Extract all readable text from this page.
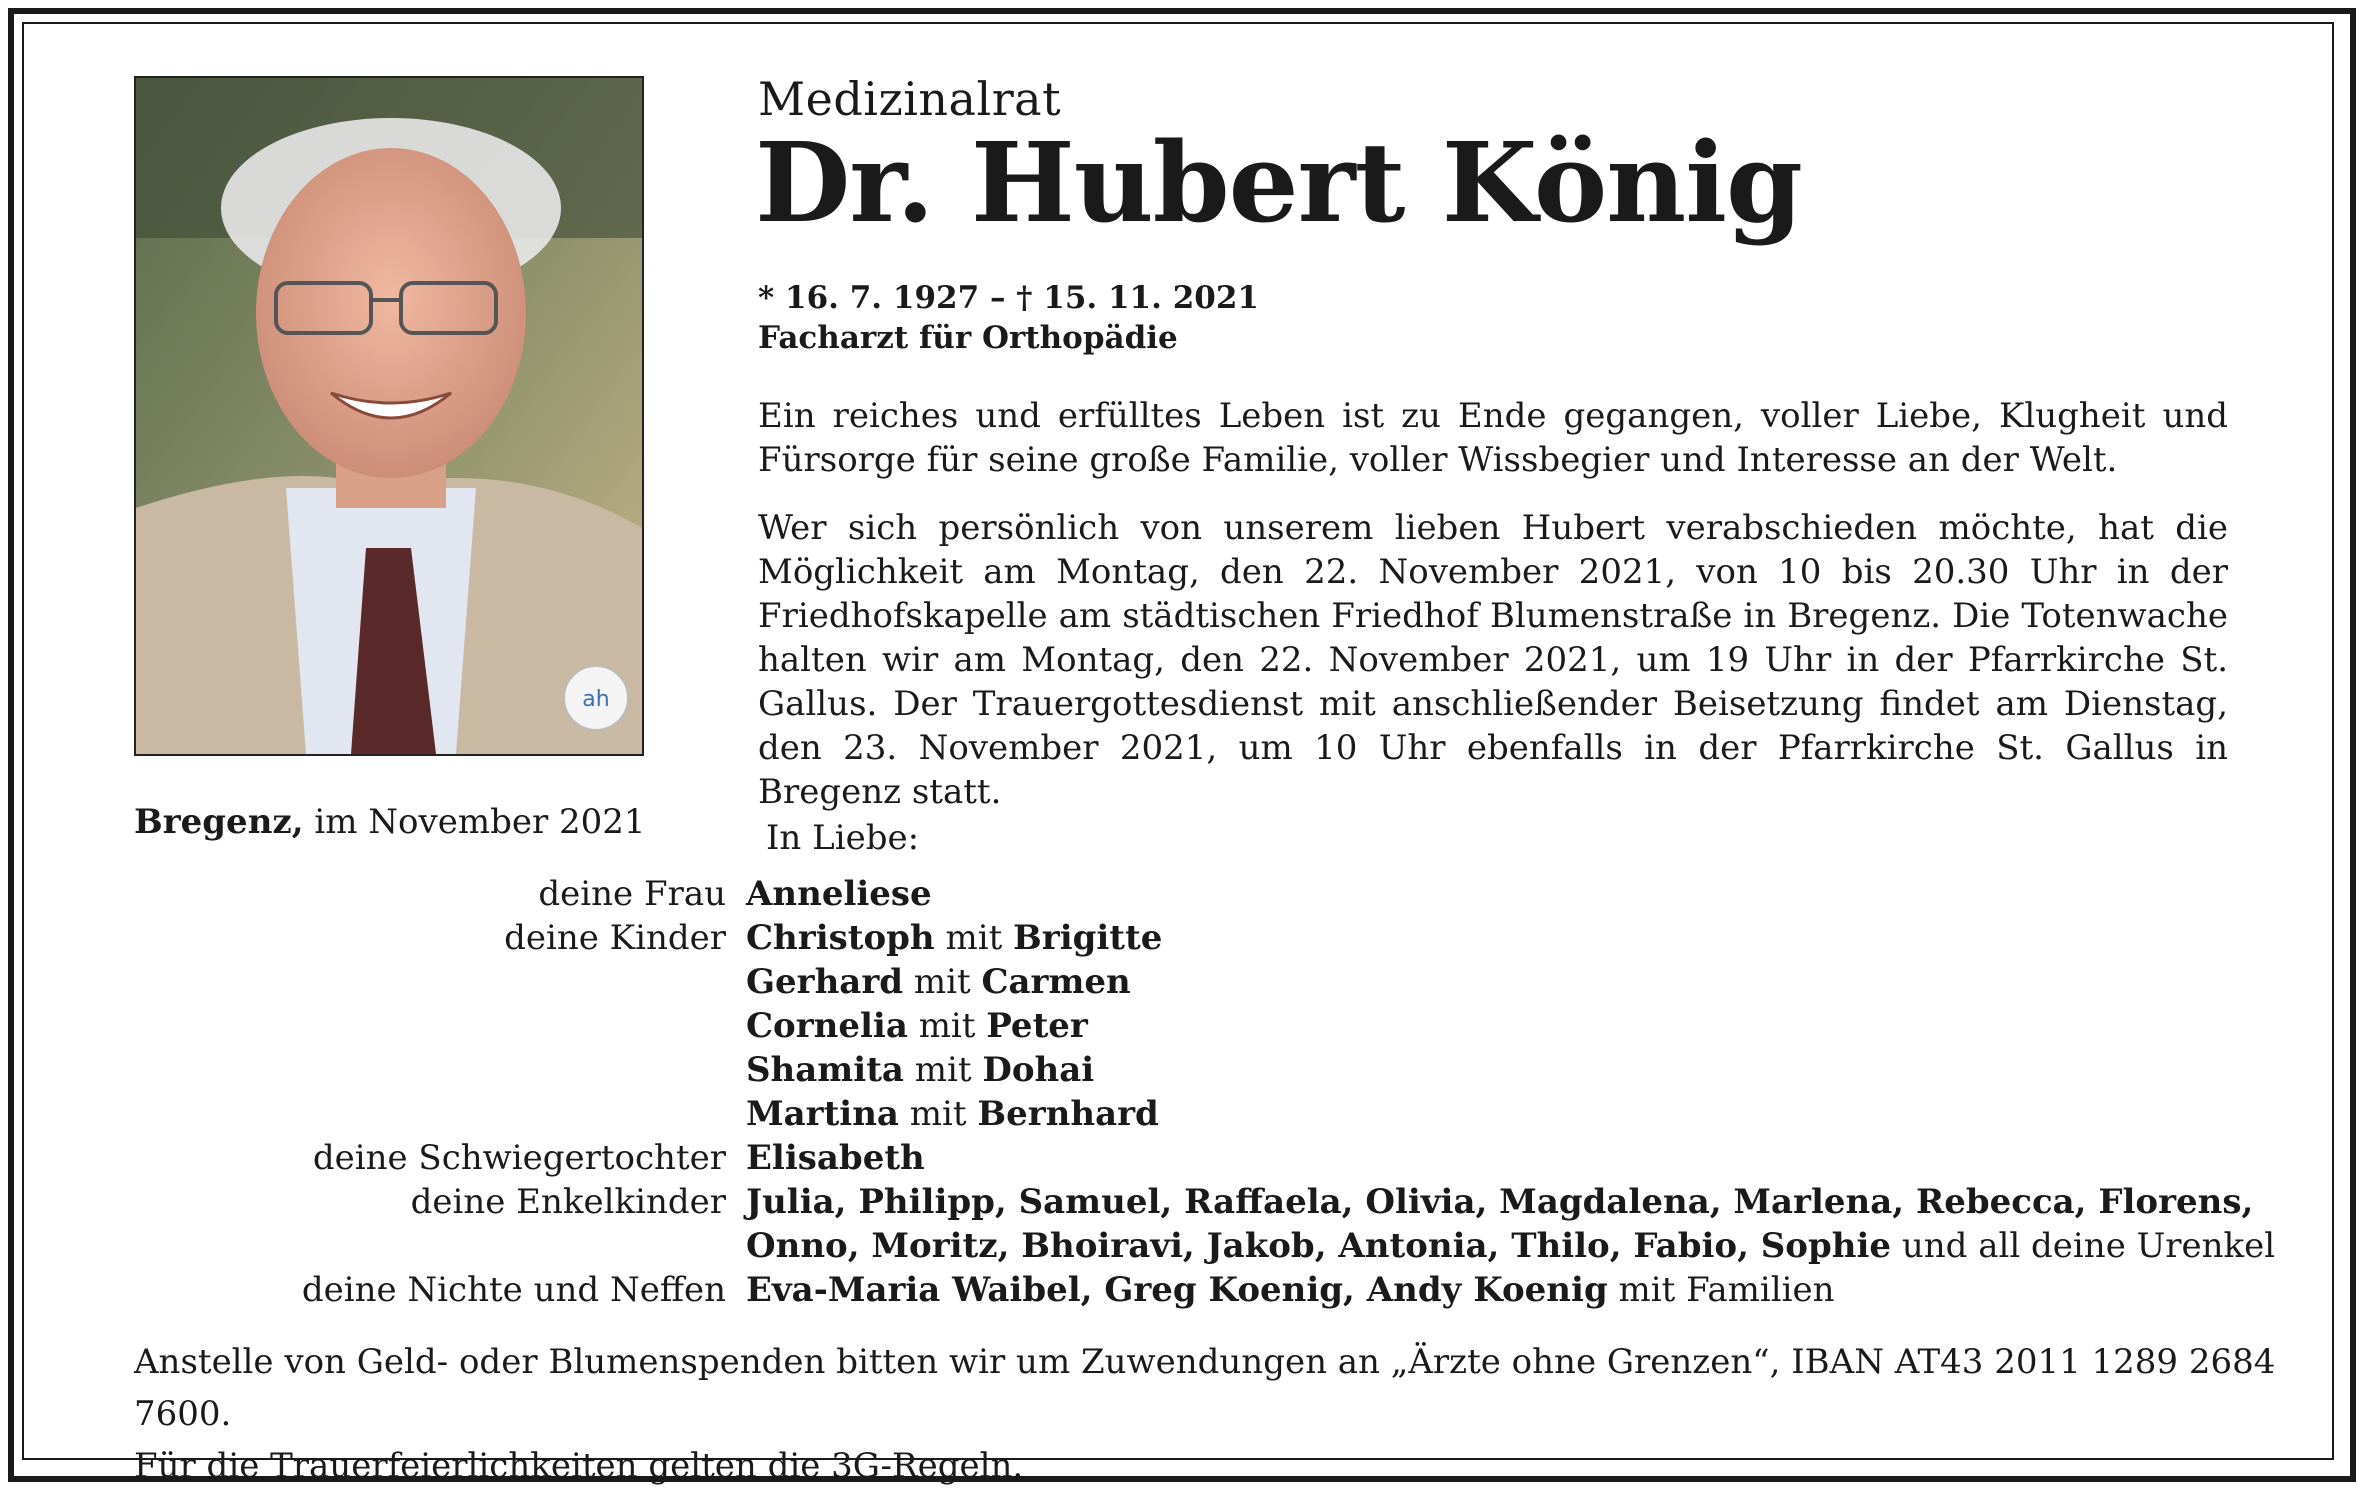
ah
Medizinalrat
Dr. Hubert König
* 16. 7. 1927 – † 15. 11. 2021
Facharzt für Orthopädie
Ein reiches und erfülltes Leben ist zu Ende gegangen, voller Liebe, Klugheit und Fürsorge für seine große Familie, voller Wissbegier und Interesse an der Welt.
Wer sich persönlich von unserem lieben Hubert verabschieden möchte, hat die Möglichkeit am Montag, den 22. November 2021, von 10 bis 20.30 Uhr in der Friedhofskapelle am städtischen Friedhof Blumenstraße in Bregenz. Die Totenwache halten wir am Montag, den 22. November 2021, um 19 Uhr in der Pfarrkirche St. Gallus. Der Trauergottesdienst mit anschließender Beisetzung findet am Dienstag, den 23. November 2021, um 10 Uhr ebenfalls in der Pfarrkirche St. Gallus in Bregenz statt.
Bregenz, im November 2021	In Liebe:
deine Frau Anneliese
deine Kinder Christoph mit Brigitte
Gerhard mit Carmen
Cornelia mit Peter
Shamita mit Dohai
Martina mit Bernhard
deine Schwiegertochter Elisabeth
deine Enkelkinder Julia, Philipp, Samuel, Raffaela, Olivia, Magdalena, Marlena, Rebecca, Florens,
Onno, Moritz, Bhoiravi, Jakob, Antonia, Thilo, Fabio, Sophie und all deine Urenkel
deine Nichte und Neffen Eva-Maria Waibel, Greg Koenig, Andy Koenig mit Familien
Anstelle von Geld- oder Blumenspenden bitten wir um Zuwendungen an „Ärzte ohne Grenzen“, IBAN AT43 2011 1289 2684 7600.
Für die Trauerfeierlichkeiten gelten die 3G-Regeln.
